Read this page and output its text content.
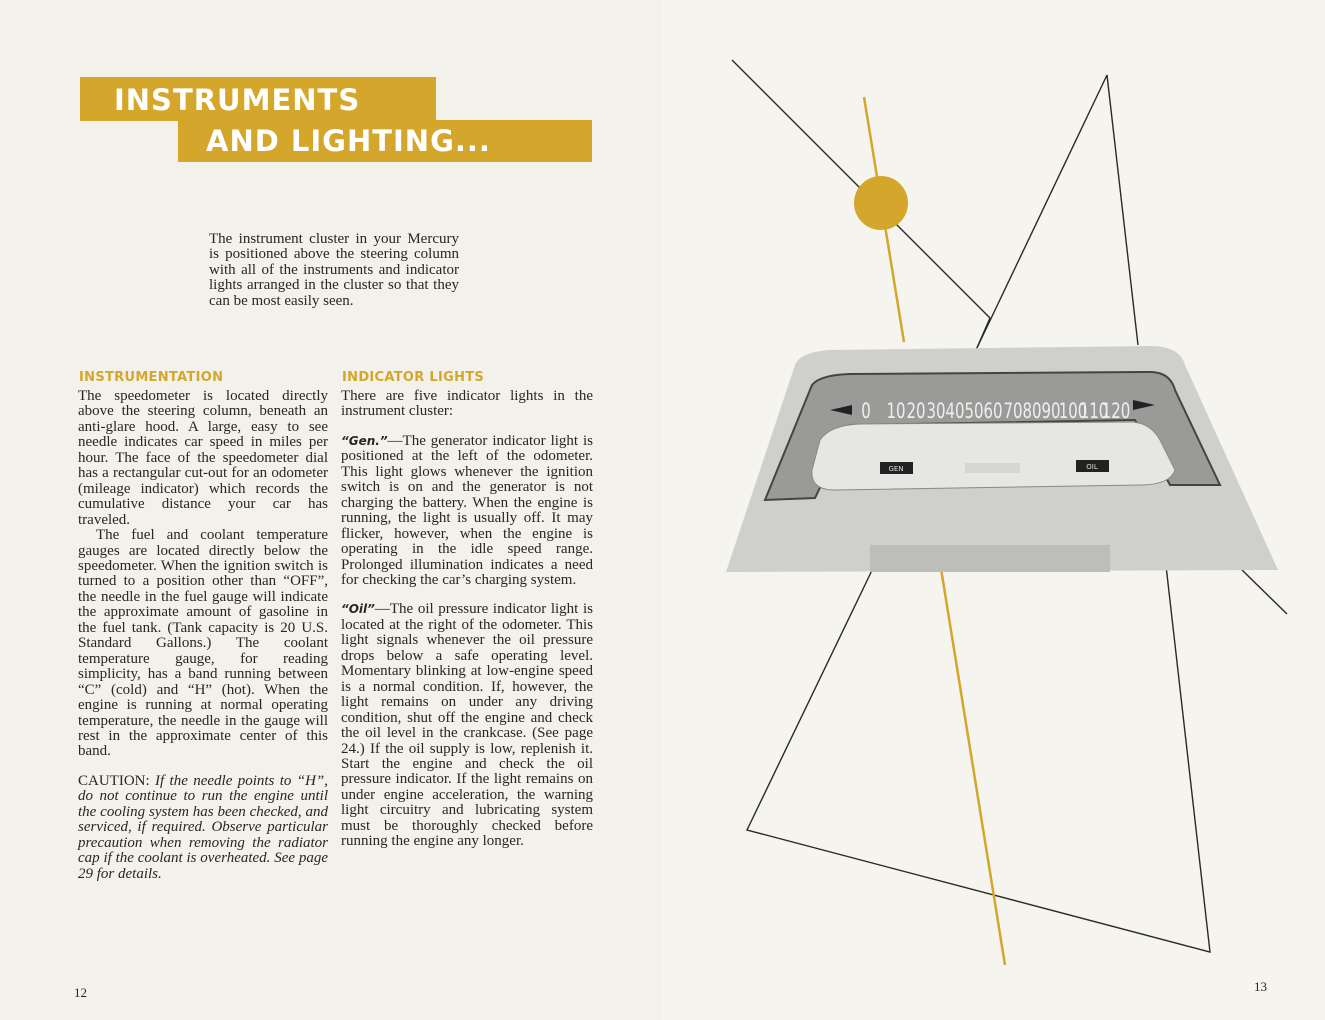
INSTRUMENTS
AND LIGHTING...
The instrument cluster in your Mercury is positioned above the steering column with all of the instruments and indicator lights arranged in the cluster so that they can be most easily seen.
INSTRUMENTATION	INDICATOR LIGHTS

The speedometer is located directly above the steering column, beneath an anti-glare hood. A large, easy to see needle indicates car speed in miles per hour. The face of the speedometer dial has a rectangular cut-out for an odometer (mileage indicator) which records the cumulative distance your car has traveled.

The fuel and coolant temperature gauges are located directly below the speedometer. When the ignition switch is turned to a position other than “OFF”, the needle in the fuel gauge will indicate the approximate amount of gasoline in the fuel tank. (Tank capacity is 20 U.S. Standard Gallons.) The coolant temperature gauge, for reading simplicity, has a band running between “C” (cold) and “H” (hot). When the engine is running at normal operating temperature, the needle in the gauge will rest in the approximate center of this band.

CAUTION: If the needle points to “H”, do not continue to run the engine until the cooling system has been checked, and serviced, if required. Observe particular precaution when removing the radiator cap if the coolant is overheated. See page 29 for details.

There are five indicator lights in the instrument cluster:

“Gen.”—The generator indicator light is positioned at the left of the odometer. This light glows whenever the ignition switch is on and the generator is not charging the battery. When the engine is running, the light is usually off. It may flicker, however, when the engine is operating in the idle speed range. Prolonged illumination indicates a need for checking the car’s charging system.

“Oil”—The oil pressure indicator light is located at the right of the odometer. This light signals whenever the oil pressure drops below a safe operating level. Momentary blinking at low-engine speed is a normal condition. If, however, the light remains on under any driving condition, shut off the engine and check the oil level in the crankcase. (See page 24.) If the oil supply is low, replenish it. Start the engine and check the oil pressure indicator. If the light remains on under engine acceleration, the warning light circuitry and lubricating system must be thoroughly checked before running the engine any longer.

12	13
GEN	OIL
0 10 20 30 40 50 60 70 80 90
100
110
120
